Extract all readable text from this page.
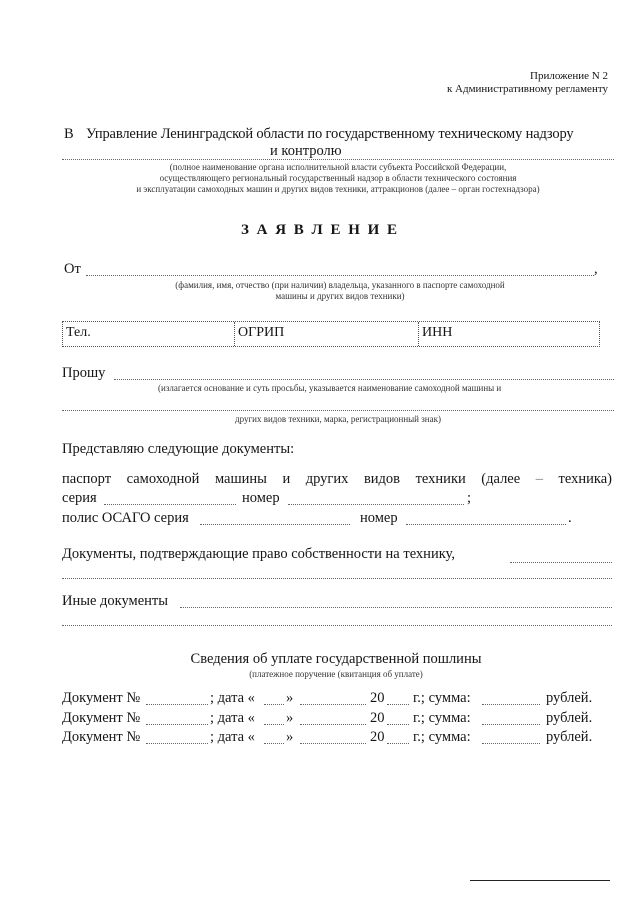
Приложение N 2
к Административному регламенту
В Управление Ленинградской области по государственному техническому надзору
и контролю
(полное наименование органа исполнительной власти субъекта Российской Федерации,
осуществляющего региональный государственный надзор в области технического состояния
и эксплуатации самоходных машин и других видов техники, аттракционов (далее – орган гостехнадзора)
З А Я В Л Е Н И Е
От	,
(фамилия, имя, отчество (при наличии) владельца, указанного в паспорте самоходной
машины и других видов техники)
Тел.	ОГРИП	ИНН
Прошу
(излагается основание и суть просьбы, указывается наименование самоходной машины и
других видов техники, марка, регистрационный знак)
Представляю следующие документы:
паспорт самоходной машины и других видов техники (далее – техника)
серия	номер	;
полис ОСАГО серия	номер	.
Документы, подтверждающие право собственности на технику,
Иные документы
Сведения об уплате государственной пошлины
(платежное поручение (квитанция об уплате)
Документ №	; дата « »	20 г.; сумма:	рублей.
Документ №	; дата « »	20 г.; сумма:	рублей.
Документ №	; дата « »	20 г.; сумма:	рублей.
